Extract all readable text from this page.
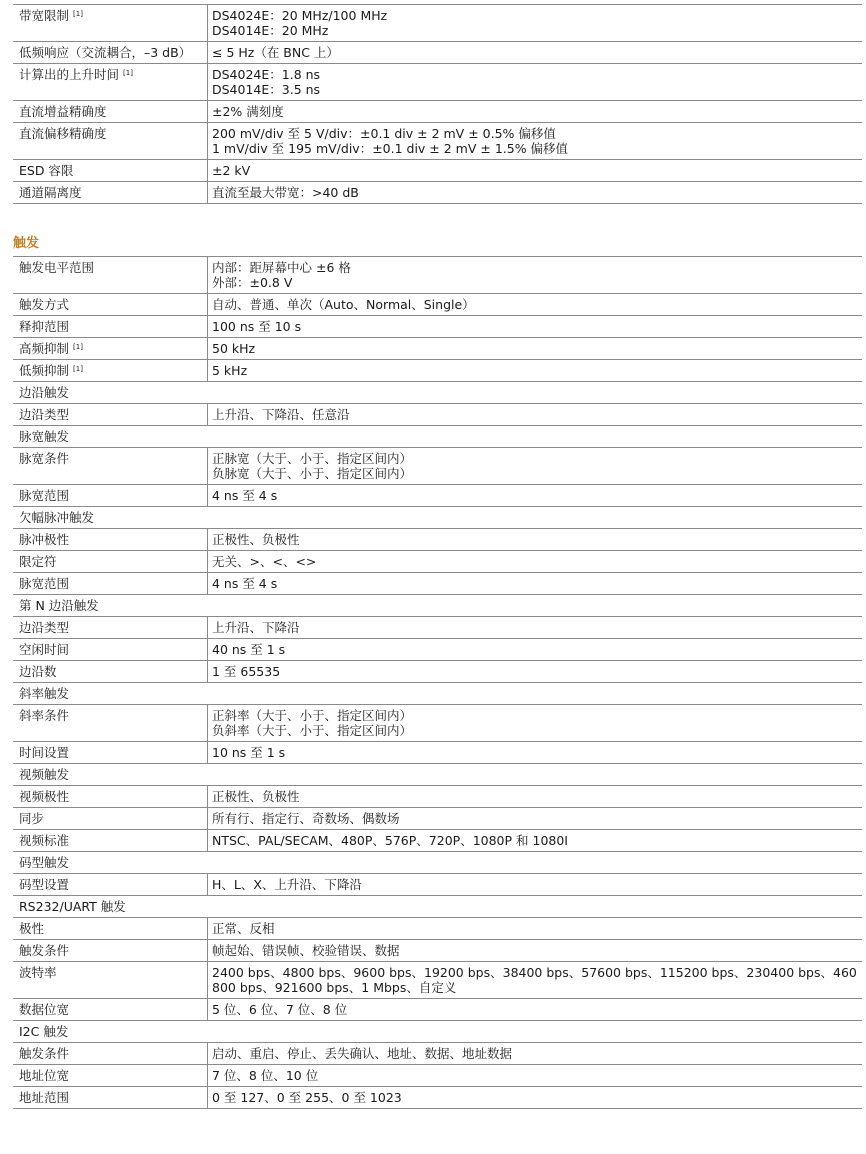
带宽限制 [1]	DS4024E：20 MHz/100 MHz
DS4014E：20 MHz

低频响应（交流耦合，–3 dB）	≤ 5 Hz（在 BNC 上）

计算出的上升时间 [1]	DS4024E：1.8 ns
DS4014E：3.5 ns

直流增益精确度	±2% 满刻度

直流偏移精确度	200 mV/div 至 5 V/div：±0.1 div ± 2 mV ± 0.5% 偏移值
1 mV/div 至 195 mV/div：±0.1 div ± 2 mV ± 1.5% 偏移值

ESD 容限	±2 kV

通道隔离度	直流至最大带宽：>40 dB
触发
触发电平范围	内部：距屏幕中心 ±6 格
外部：±0.8 V

触发方式	自动、普通、单次（Auto、Normal、Single）

释抑范围	100 ns 至 10 s

高频抑制 [1]	50 kHz

低频抑制 [1]	5 kHz

边沿触发	
边沿类型	上升沿、下降沿、任意沿

脉宽触发	
脉宽条件	正脉宽（大于、小于、指定区间内）
负脉宽（大于、小于、指定区间内）

脉宽范围	4 ns 至 4 s

欠幅脉冲触发	
脉冲极性	正极性、负极性

限定符	无关、>、<、<>

脉宽范围	4 ns 至 4 s

第 N 边沿触发	
边沿类型	上升沿、下降沿

空闲时间	40 ns 至 1 s

边沿数	1 至 65535

斜率触发	
斜率条件	正斜率（大于、小于、指定区间内）
负斜率（大于、小于、指定区间内）

时间设置	10 ns 至 1 s

视频触发	
视频极性	正极性、负极性

同步	所有行、指定行、奇数场、偶数场

视频标准	NTSC、PAL/SECAM、480P、576P、720P、1080P 和 1080I

码型触发	
码型设置	H、L、X、上升沿、下降沿

RS232/UART 触发	
极性	正常、反相

触发条件	帧起始、错误帧、校验错误、数据

波特率	2400 bps、4800 bps、9600 bps、19200 bps、38400 bps、57600 bps、115200 bps、230400 bps、460800 bps、921600 bps、1 Mbps、自定义

数据位宽	5 位、6 位、7 位、8 位

I2C 触发	
触发条件	启动、重启、停止、丢失确认、地址、数据、地址数据

地址位宽	7 位、8 位、10 位

地址范围	0 至 127、0 至 255、0 至 1023
